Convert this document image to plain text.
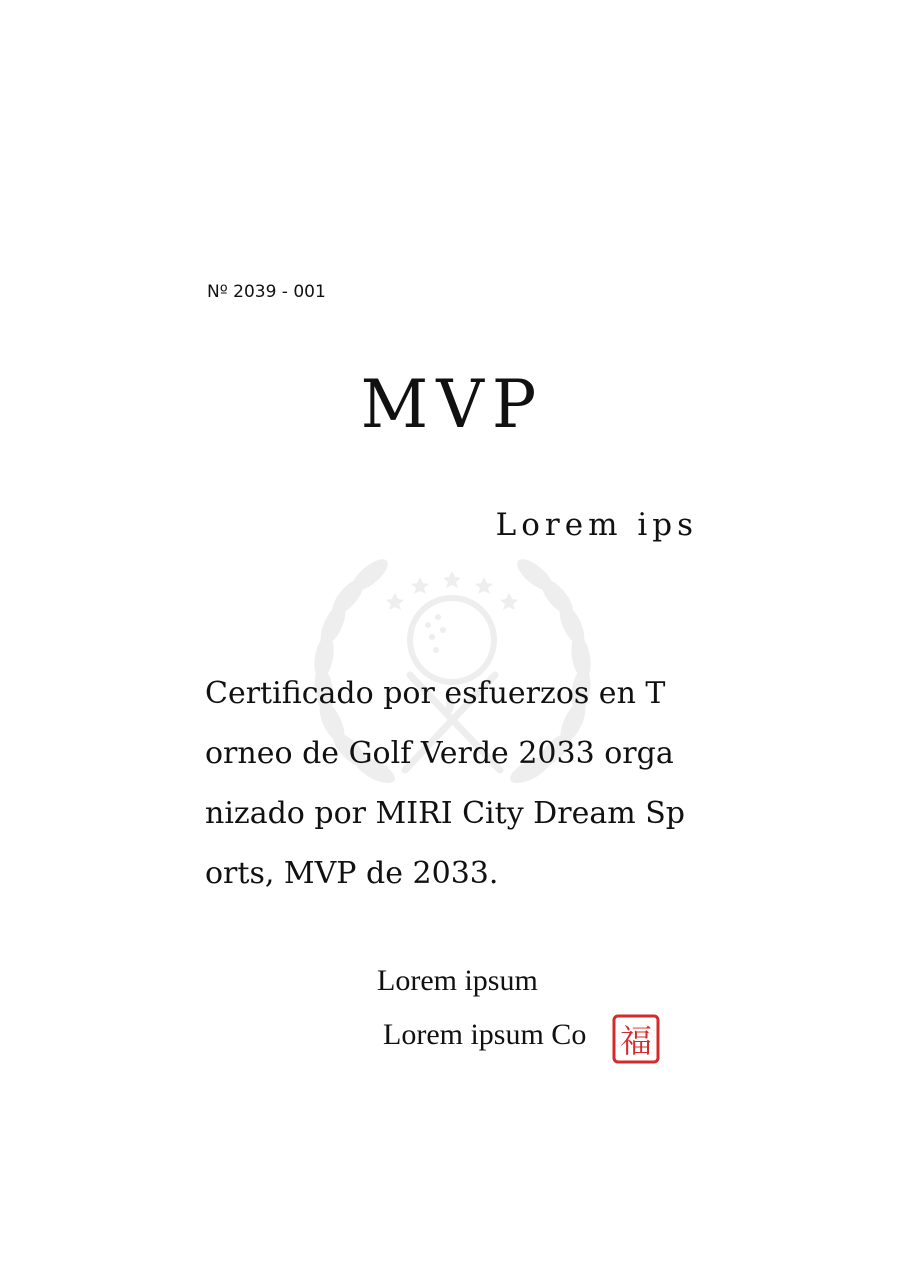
Nº 2039 - 001
MVP
Lorem ips
Certificado por esfuerzos en T
orneo de Golf Verde 2033 orga
nizado por MIRI City Dream Sp
orts, MVP de 2033.
Lorem ipsum
Lorem ipsum Co 福
